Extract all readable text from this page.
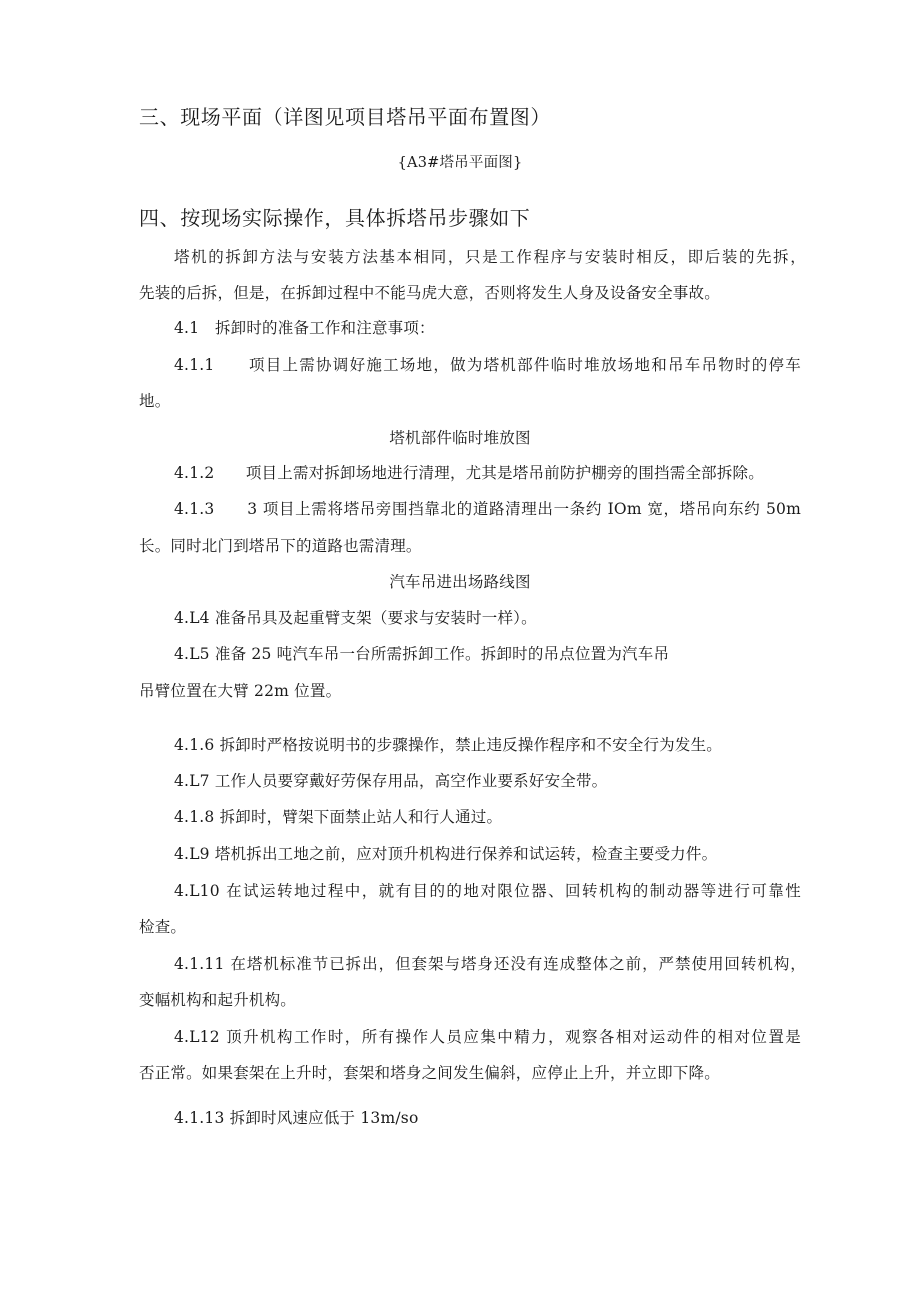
三、现场平面（详图见项目塔吊平面布置图）
{A3#塔吊平面图}
四、按现场实际操作，具体拆塔吊步骤如下
塔机的拆卸方法与安装方法基本相同，只是工作程序与安装时相反，即后装的先拆，
先装的后拆，但是，在拆卸过程中不能马虎大意，否则将发生人身及设备安全事故。
4.1　拆卸时的准备工作和注意事项：
4.1.1　　项目上需协调好施工场地，做为塔机部件临时堆放场地和吊车吊物时的停车
地。
塔机部件临时堆放图
4.1.2　　项目上需对拆卸场地进行清理，尤其是塔吊前防护棚旁的围挡需全部拆除。
4.1.3　　3 项目上需将塔吊旁围挡靠北的道路清理出一条约 IOm 宽，塔吊向东约 50m
长。同时北门到塔吊下的道路也需清理。
汽车吊进出场路线图
4.L4 准备吊具及起重臂支架（要求与安装时一样）。
4.L5 准备 25 吨汽车吊一台所需拆卸工作。拆卸时的吊点位置为汽车吊
吊臂位置在大臂 22m 位置。
4.1.6 拆卸时严格按说明书的步骤操作，禁止违反操作程序和不安全行为发生。
4.L7 工作人员要穿戴好劳保存用品，高空作业要系好安全带。
4.1.8 拆卸时，臂架下面禁止站人和行人通过。
4.L9 塔机拆出工地之前，应对顶升机构进行保养和试运转，检查主要受力件。
4.L10 在试运转地过程中，就有目的的地对限位器、回转机构的制动器等进行可靠性
检查。
4.1.11 在塔机标准节已拆出，但套架与塔身还没有连成整体之前，严禁使用回转机构，
变幅机构和起升机构。
4.L12 顶升机构工作时，所有操作人员应集中精力，观察各相对运动件的相对位置是
否正常。如果套架在上升时，套架和塔身之间发生偏斜，应停止上升，并立即下降。
4.1.13 拆卸时风速应低于 13m∕so
